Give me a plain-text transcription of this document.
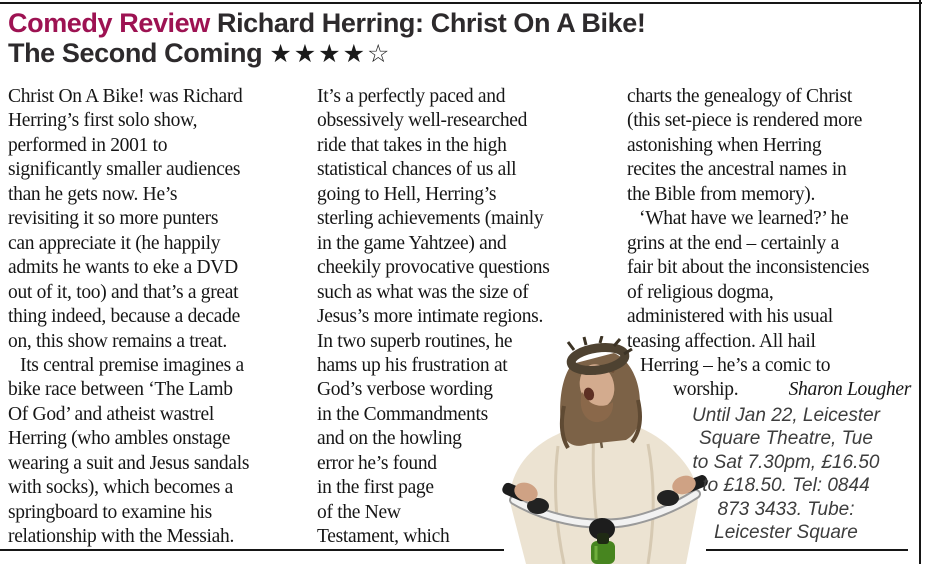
Comedy Review Richard Herring: Christ On A Bike!
The Second Coming ★★★★☆
Christ On A Bike! was Richard
Herring’s first solo show,
performed in 2001 to
significantly smaller audiences
than he gets now. He’s
revisiting it so more punters
can appreciate it (he happily
admits he wants to eke a DVD
out of it, too) and that’s a great
thing indeed, because a decade
on, this show remains a treat.
Its central premise imagines a
bike race between ‘The Lamb
Of God’ and atheist wastrel
Herring (who ambles onstage
wearing a suit and Jesus sandals
with socks), which becomes a
springboard to examine his
relationship with the Messiah.
It’s a perfectly paced and
obsessively well-researched
ride that takes in the high
statistical chances of us all
going to Hell, Herring’s
sterling achievements (mainly
in the game Yahtzee) and
cheekily provocative questions
such as what was the size of
Jesus’s more intimate regions.
In two superb routines, he
hams up his frustration at
God’s verbose wording
in the Commandments
and on the howling
error he’s found
in the first page
of the New
Testament, which
charts the genealogy of Christ
(this set-piece is rendered more
astonishing when Herring
recites the ancestral names in
the Bible from memory).
‘What have we learned?’ he
grins at the end – certainly a
fair bit about the inconsistencies
of religious dogma,
administered with his usual
teasing affection. All hail
Herring – he’s a comic to
worship.	Sharon Lougher
Until Jan 22, Leicester
Square Theatre, Tue
to Sat 7.30pm, £16.50
to £18.50. Tel: 0844
873 3433. Tube:
Leicester Square
